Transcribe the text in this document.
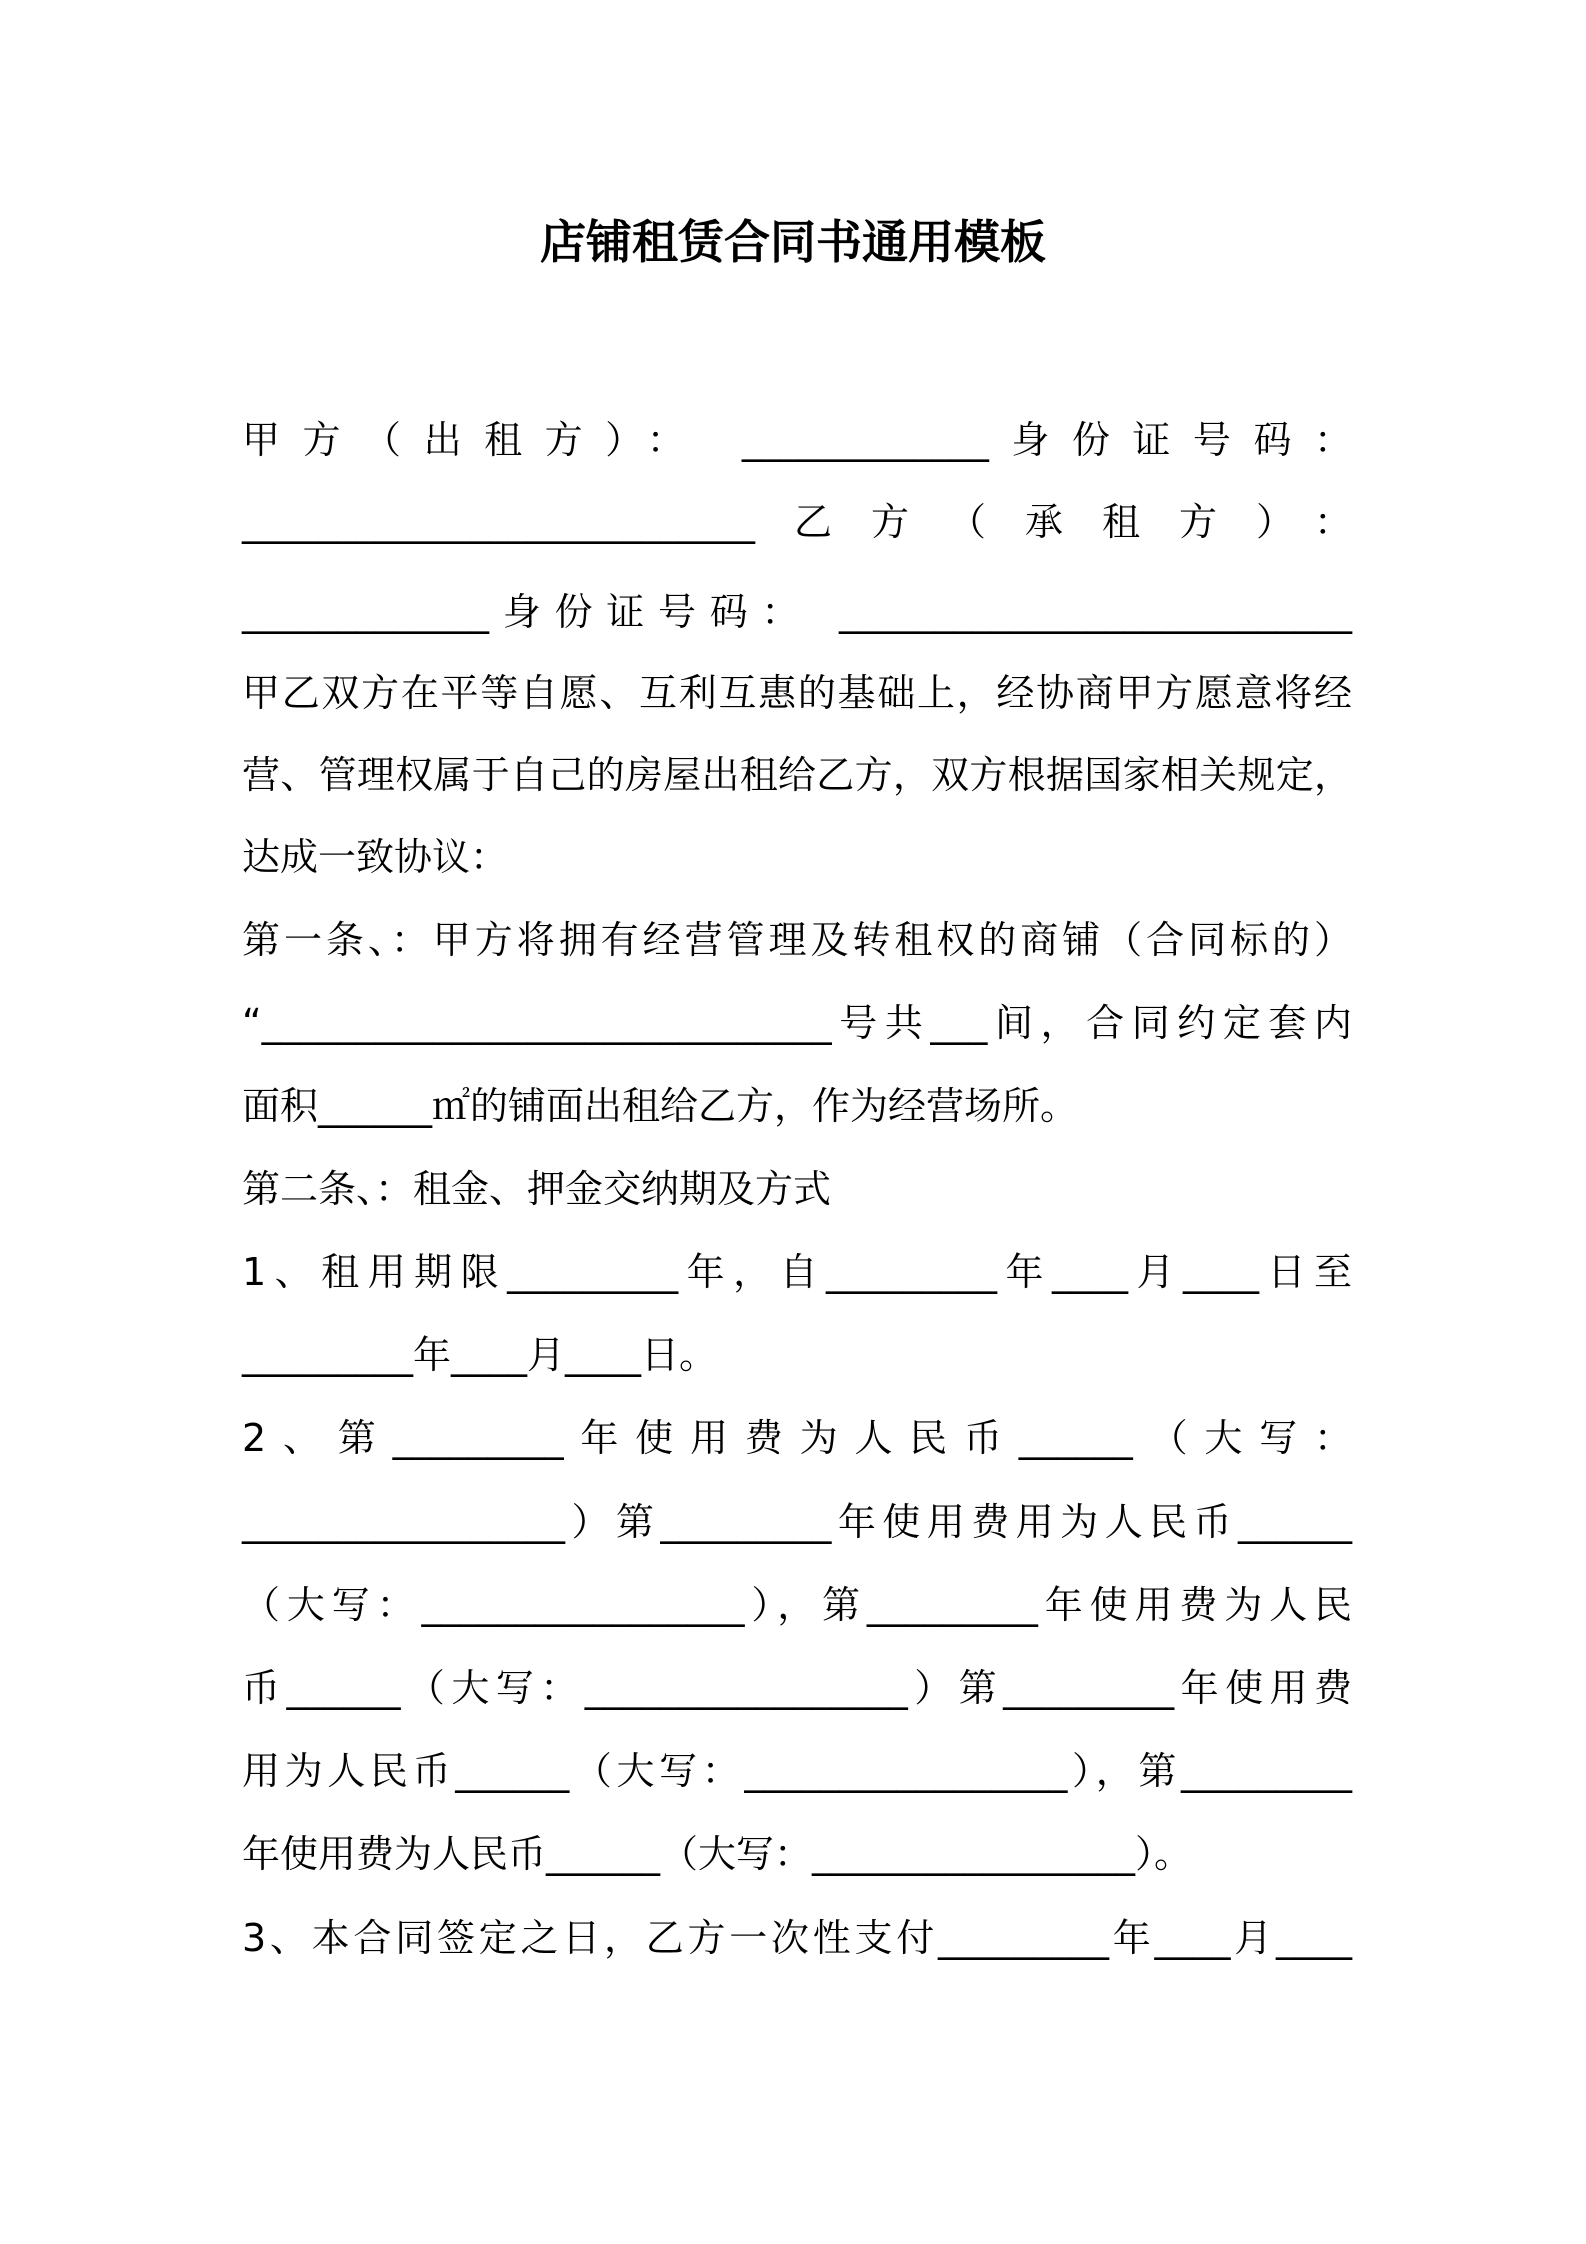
店铺租赁合同书通用模板
甲方（出租方）： _____________身份证号码：
___________________________乙方（承租方）：
_____________身份证号码： ___________________________
甲乙双方在平等自愿、互利互惠的基础上，经协商甲方愿意将经
营、管理权属于自己的房屋出租给乙方，双方根据国家相关规定，
达成一致协议：
第一条、：甲方将拥有经营管理及转租权的商铺（合同标的）
“______________________________号共___间，合同约定套内
面积______㎡的铺面出租给乙方，作为经营场所。
第二条、：租金、押金交纳期及方式
1、租用期限_________年，自_________年____月____日至
_________年____月____日。
2、第_________年使用费为人民币______（大写：
_________________）第_________年使用费用为人民币______
（大写：_________________），第_________年使用费为人民
币______（大写：_________________）第_________年使用费
用为人民币______（大写：_________________），第_________
年使用费为人民币______（大写：_________________）。
3、本合同签定之日，乙方一次性支付_________年____月____
